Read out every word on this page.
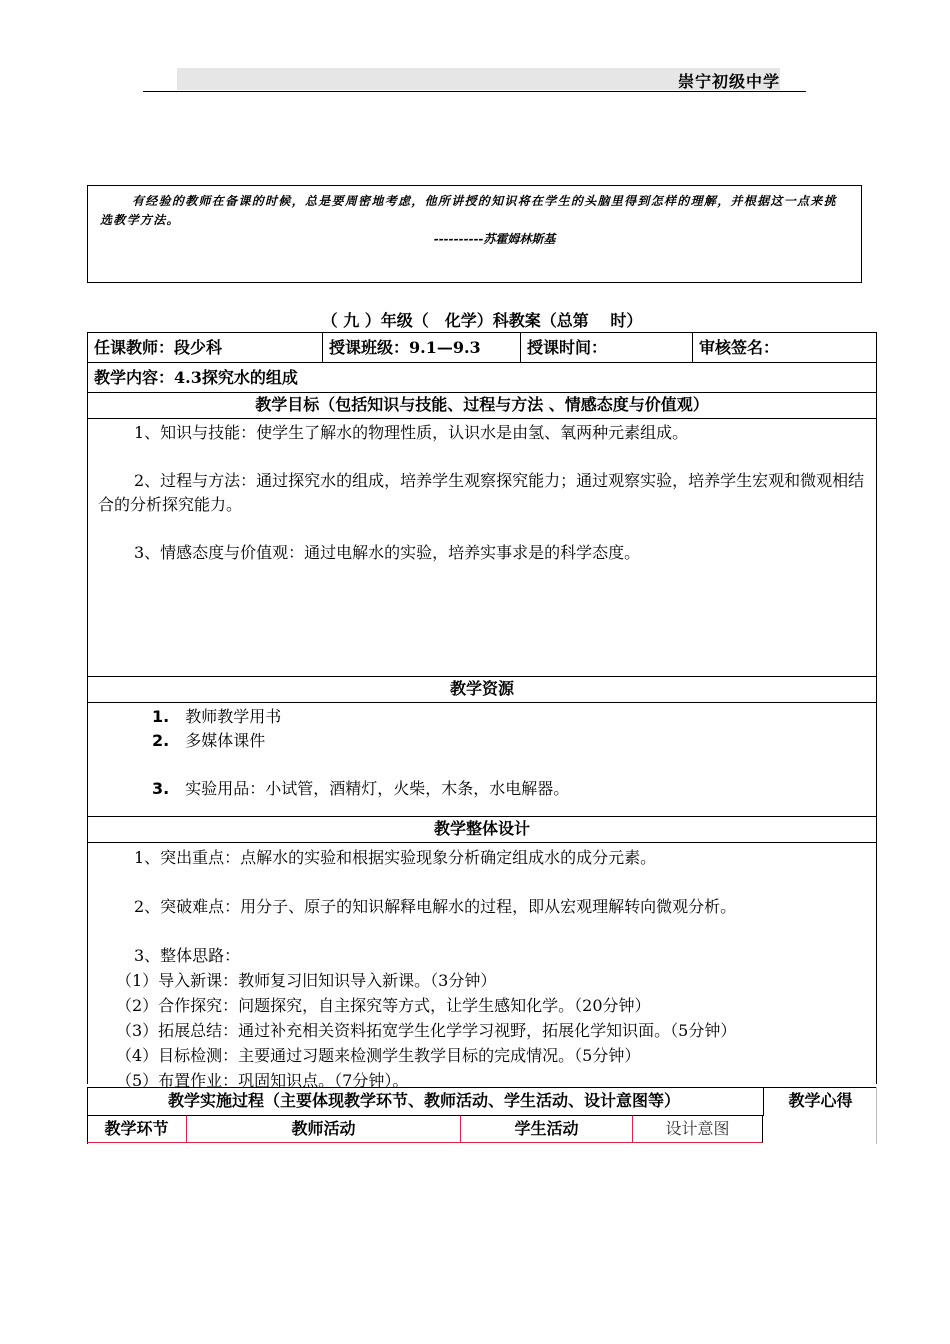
崇宁初级中学
有经验的教师在备课的时候，总是要周密地考虑，他所讲授的知识将在学生的头脑里得到怎样的理解，并根据这一点来挑选教学方法。
----------苏霍姆林斯基
（ 九 ）年级（　化学）科教案（总第　 时）
任课教师：段少科	授课班级：9.1—9.3	授课时间：	审核签名：
教学内容：4.3探究水的组成
教学目标（包括知识与技能、过程与方法 、情感态度与价值观）

1、知识与技能：使学生了解水的物理性质，认识水是由氢、氧两种元素组成。

2、过程与方法：通过探究水的组成，培养学生观察探究能力；通过观察实验，培养学生宏观和微观相结合的分析探究能力。

3、情感态度与价值观：通过电解水的实验，培养实事求是的科学态度。

教学资源
1. 教师教学用书
2. 多媒体课件
3. 实验用品：小试管，酒精灯，火柴，木条，水电解器。
教学整体设计

1、突出重点：点解水的实验和根据实验现象分析确定组成水的成分元素。

2、突破难点：用分子、原子的知识解释电解水的过程，即从宏观理解转向微观分析。

3、整体思路：

（1）导入新课：教师复习旧知识导入新课。（3分钟）

（2）合作探究：问题探究，自主探究等方式，让学生感知化学。（20分钟）

（3）拓展总结：通过补充相关资料拓宽学生化学学习视野，拓展化学知识面。（5分钟）

（4）目标检测：主要通过习题来检测学生教学目标的完成情况。（5分钟）

（5）布置作业：巩固知识点。（7分钟）。

教学实施过程（主要体现教学环节、教师活动、学生活动、设计意图等）	教学心得
教学环节	教师活动	学生活动	设计意图
